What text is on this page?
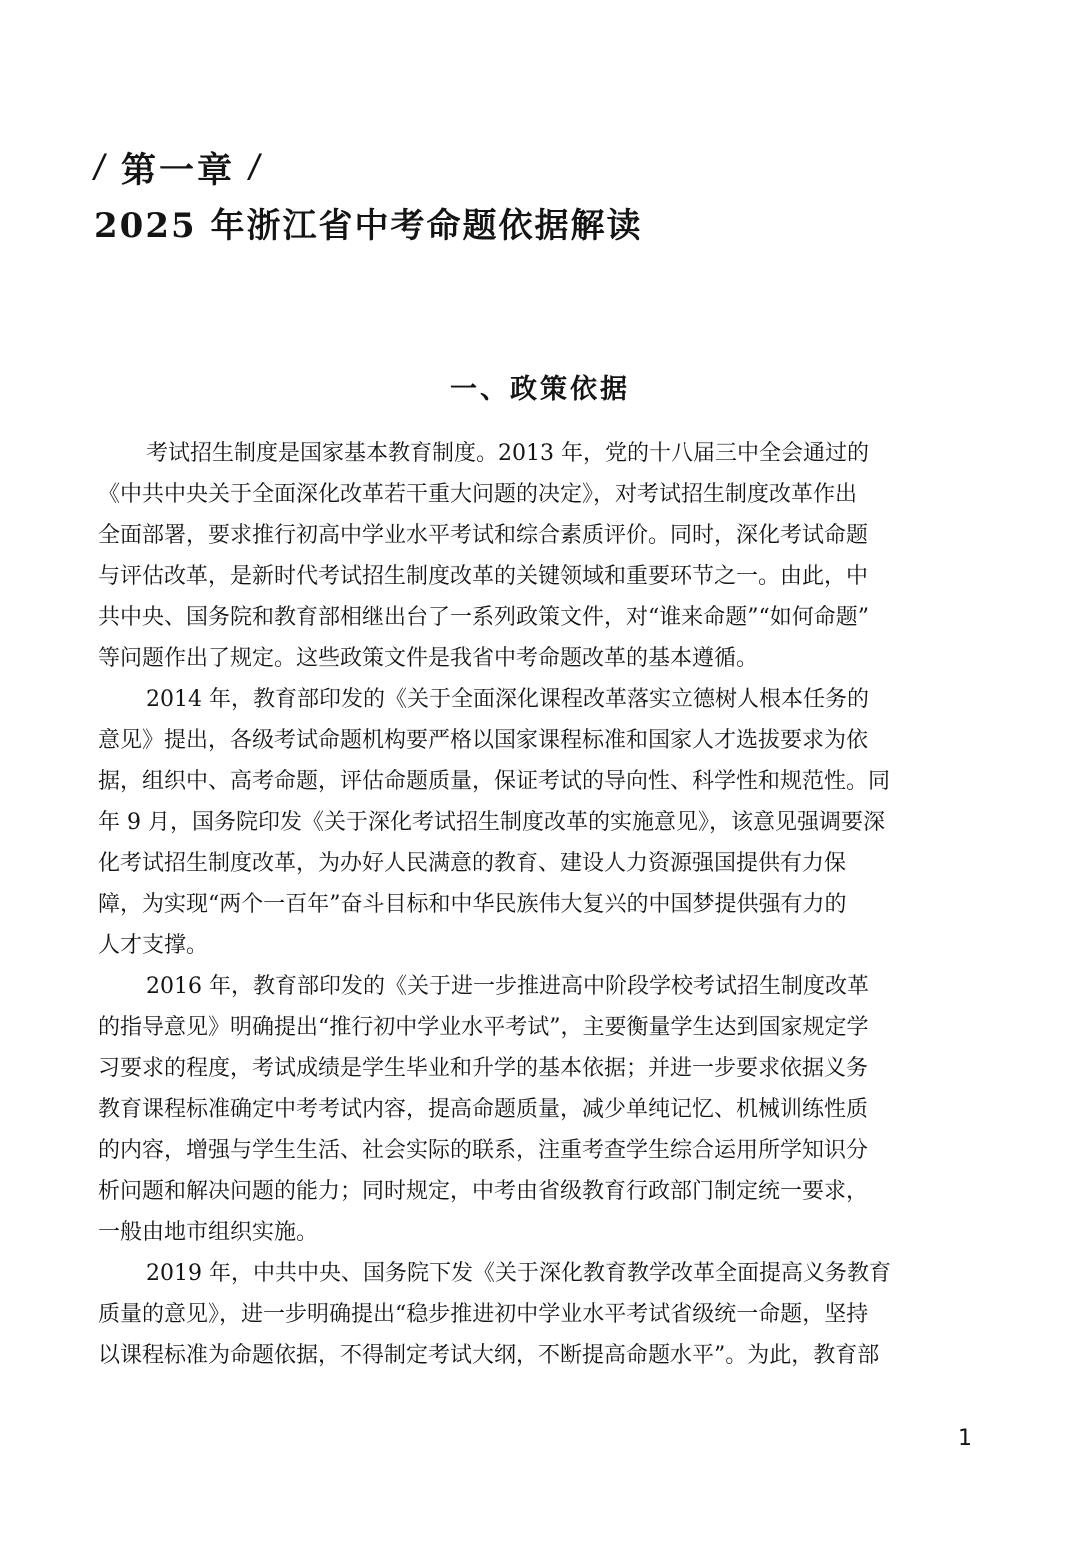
/ 第一章 /
2025 年浙江省中考命题依据解读
一、政策依据
考试招生制度是国家基本教育制度。2013 年，党的十八届三中全会通过的
《中共中央关于全面深化改革若干重大问题的决定》，对考试招生制度改革作出
全面部署，要求推行初高中学业水平考试和综合素质评价。同时，深化考试命题
与评估改革，是新时代考试招生制度改革的关键领域和重要环节之一。由此，中
共中央、国务院和教育部相继出台了一系列政策文件，对“谁来命题”“如何命题”
等问题作出了规定。这些政策文件是我省中考命题改革的基本遵循。
2014 年，教育部印发的《关于全面深化课程改革落实立德树人根本任务的
意见》提出，各级考试命题机构要严格以国家课程标准和国家人才选拔要求为依
据，组织中、高考命题，评估命题质量，保证考试的导向性、科学性和规范性。同
年 9 月，国务院印发《关于深化考试招生制度改革的实施意见》，该意见强调要深
化考试招生制度改革，为办好人民满意的教育、建设人力资源强国提供有力保
障，为实现“两个一百年”奋斗目标和中华民族伟大复兴的中国梦提供强有力的
人才支撑。
2016 年，教育部印发的《关于进一步推进高中阶段学校考试招生制度改革
的指导意见》明确提出“推行初中学业水平考试”，主要衡量学生达到国家规定学
习要求的程度，考试成绩是学生毕业和升学的基本依据；并进一步要求依据义务
教育课程标准确定中考考试内容，提高命题质量，减少单纯记忆、机械训练性质
的内容，增强与学生生活、社会实际的联系，注重考查学生综合运用所学知识分
析问题和解决问题的能力；同时规定，中考由省级教育行政部门制定统一要求，
一般由地市组织实施。
2019 年，中共中央、国务院下发《关于深化教育教学改革全面提高义务教育
质量的意见》，进一步明确提出“稳步推进初中学业水平考试省级统一命题，坚持
以课程标准为命题依据，不得制定考试大纲，不断提高命题水平”。为此，教育部
1
